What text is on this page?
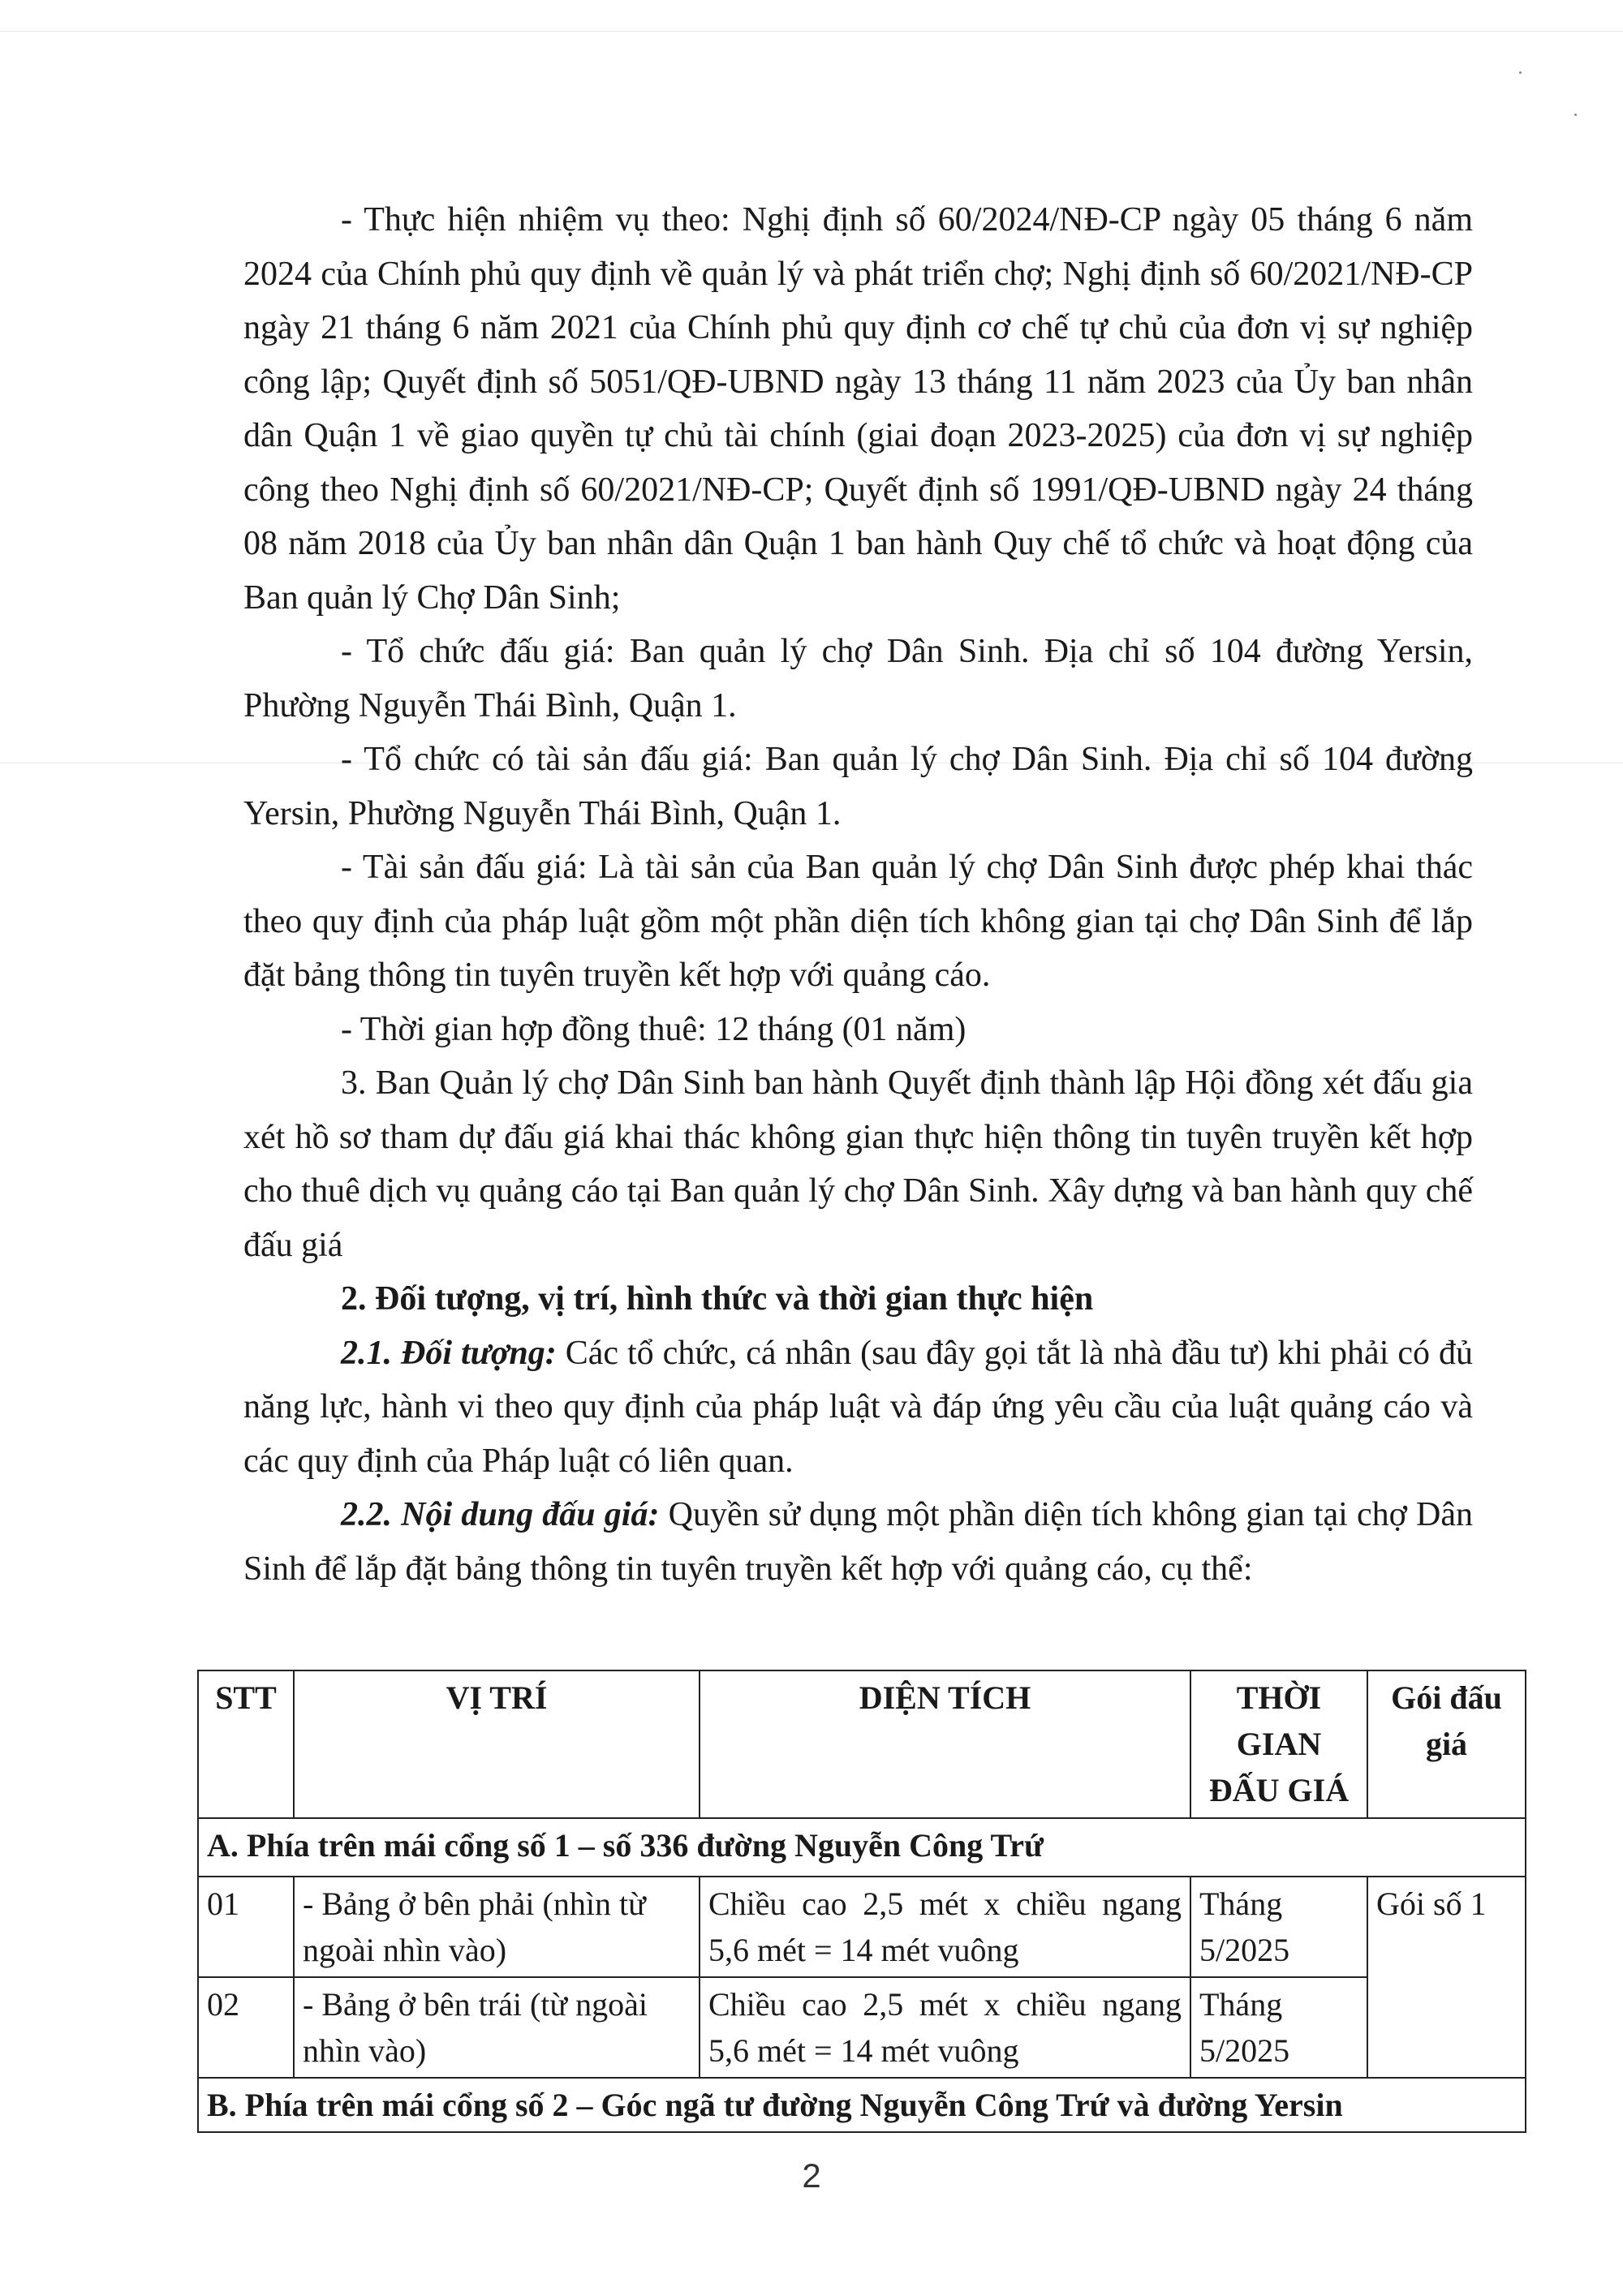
- Thực hiện nhiệm vụ theo: Nghị định số 60/2024/NĐ-CP ngày 05 tháng 6 năm 2024 của Chính phủ quy định về quản lý và phát triển chợ; Nghị định số 60/2021/NĐ-CP ngày 21 tháng 6 năm 2021 của Chính phủ quy định cơ chế tự chủ của đơn vị sự nghiệp công lập; Quyết định số 5051/QĐ-UBND ngày 13 tháng 11 năm 2023 của Ủy ban nhân dân Quận 1 về giao quyền tự chủ tài chính (giai đoạn 2023-2025) của đơn vị sự nghiệp công theo Nghị định số 60/2021/NĐ-CP; Quyết định số 1991/QĐ-UBND ngày 24 tháng 08 năm 2018 của Ủy ban nhân dân Quận 1 ban hành Quy chế tổ chức và hoạt động của Ban quản lý Chợ Dân Sinh;

- Tổ chức đấu giá: Ban quản lý chợ Dân Sinh. Địa chỉ số 104 đường Yersin, Phường Nguyễn Thái Bình, Quận 1.

- Tổ chức có tài sản đấu giá: Ban quản lý chợ Dân Sinh. Địa chỉ số 104 đường Yersin, Phường Nguyễn Thái Bình, Quận 1.

- Tài sản đấu giá: Là tài sản của Ban quản lý chợ Dân Sinh được phép khai thác theo quy định của pháp luật gồm một phần diện tích không gian tại chợ Dân Sinh để lắp đặt bảng thông tin tuyên truyền kết hợp với quảng cáo.

- Thời gian hợp đồng thuê: 12 tháng (01 năm)

3. Ban Quản lý chợ Dân Sinh ban hành Quyết định thành lập Hội đồng xét đấu gia xét hồ sơ tham dự đấu giá khai thác không gian thực hiện thông tin tuyên truyền kết hợp cho thuê dịch vụ quảng cáo tại Ban quản lý chợ Dân Sinh. Xây dựng và ban hành quy chế đấu giá

2. Đối tượng, vị trí, hình thức và thời gian thực hiện

2.1. Đối tượng: Các tổ chức, cá nhân (sau đây gọi tắt là nhà đầu tư) khi phải có đủ năng lực, hành vi theo quy định của pháp luật và đáp ứng yêu cầu của luật quảng cáo và các quy định của Pháp luật có liên quan.

2.2. Nội dung đấu giá: Quyền sử dụng một phần diện tích không gian tại chợ Dân Sinh để lắp đặt bảng thông tin tuyên truyền kết hợp với quảng cáo, cụ thể:

STT	VỊ TRÍ	DIỆN TÍCH	THỜI GIAN ĐẤU GIÁ	Gói đấu giá
A. Phía trên mái cổng số 1 – số 336 đường Nguyễn Công Trứ				
01	- Bảng ở bên phải (nhìn từ ngoài nhìn vào)	Chiều cao 2,5 mét x chiều ngang 5,6 mét = 14 mét vuông	Tháng 5/2025	Gói số 1
02	- Bảng ở bên trái (từ ngoài nhìn vào)	Chiều cao 2,5 mét x chiều ngang 5,6 mét = 14 mét vuông	Tháng 5/2025	
B. Phía trên mái cổng số 2 – Góc ngã tư đường Nguyễn Công Trứ và đường Yersin				
2
